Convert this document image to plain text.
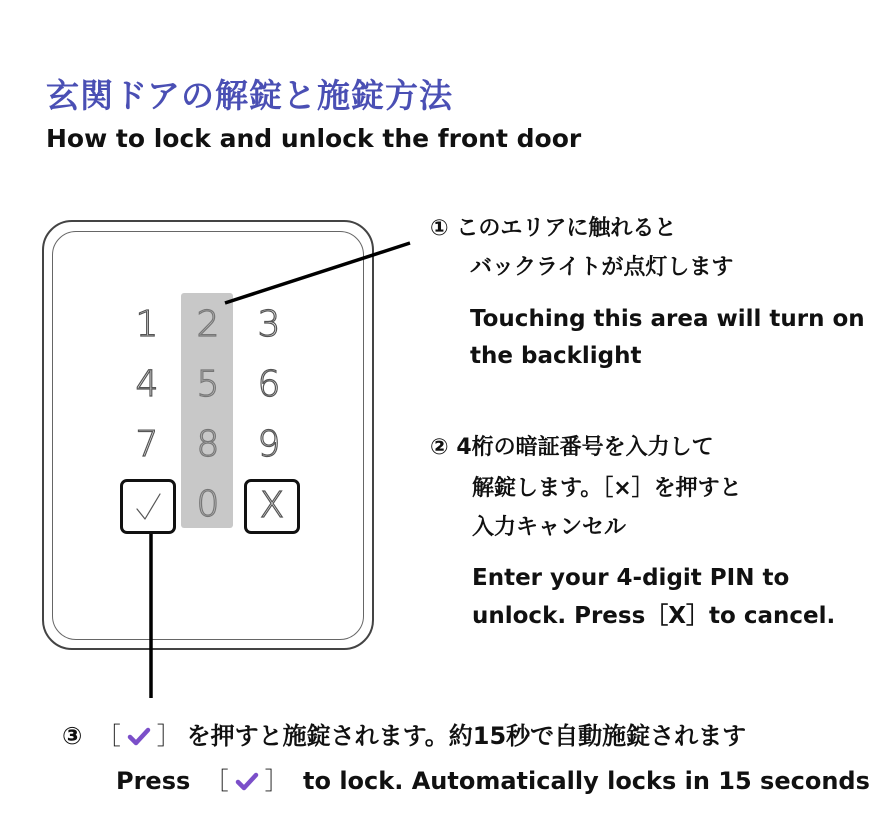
玄関ドアの解錠と施錠方法
How to lock and unlock the front door
1 2 3
4 5 6
7 8 9
0 X
① このエリアに触れると
バックライトが点灯します
Touching this area will turn on
the backlight
② 4桁の暗証番号を入力して
解錠します。［×］を押すと
入力キャンセル
Enter your 4-digit PIN to
unlock. Press［X］to cancel.
③ ［ ］ を押すと施錠されます。約15秒で自動施錠されます
Press ［ ］ to lock. Automatically locks in 15 seconds
